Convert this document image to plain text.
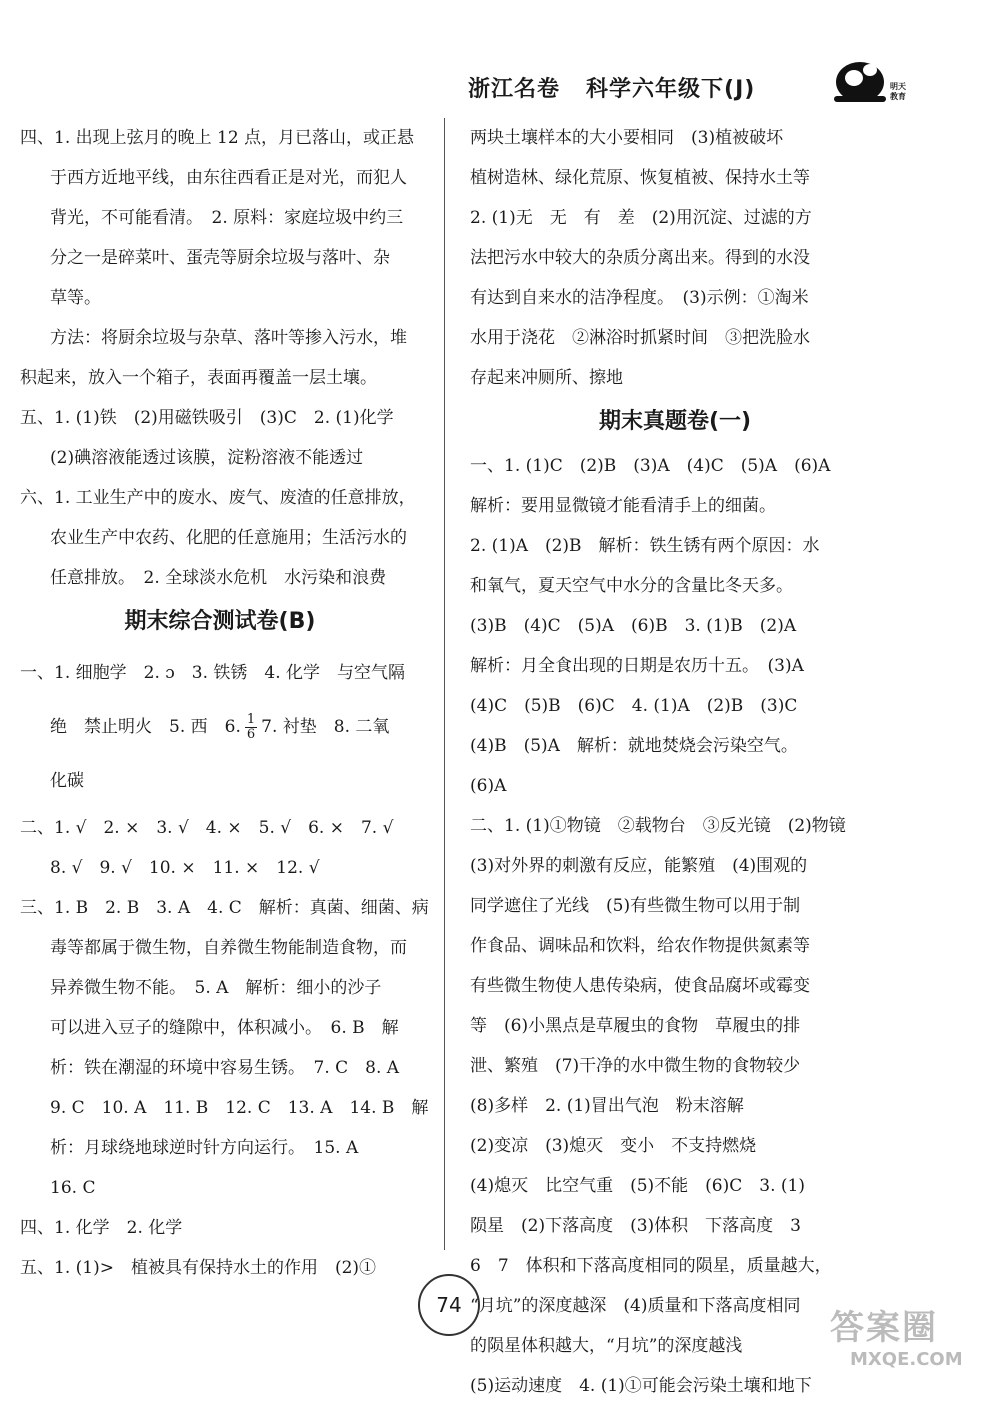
浙江名卷 科学六年级下(J)	明天教育
四、1. 出现上弦月的晚上 12 点，月已落山，或正悬
于西方近地平线，由东往西看正是对光，而犯人
背光，不可能看清。　2. 原料：家庭垃圾中约三
分之一是碎菜叶、蛋壳等厨余垃圾与落叶、杂
草等。
方法：将厨余垃圾与杂草、落叶等掺入污水，堆
积起来，放入一个箱子，表面再覆盖一层土壤。
五、1. (1)铁　(2)用磁铁吸引　(3)C　2. (1)化学
(2)碘溶液能透过该膜，淀粉溶液不能透过
六、1. 工业生产中的废水、废气、废渣的任意排放，
农业生产中农药、化肥的任意施用；生活污水的
任意排放。　2. 全球淡水危机　水污染和浪费
期末综合测试卷(B)
一、1. 细胞学　2. ɔ　3. 铁锈　4. 化学　与空气隔
绝　禁止明火　5. 西　6. $\frac{1}{6} 7$. 衬垫　8. 二氧
化碳
二、1. √　2. ×　3. √　4. ×　5. √　6. ×　7. √
8. √　9. √　10. ×　11. ×　12. √
三、1. B　2. B　3. A　4. C　解析：真菌、细菌、病
毒等都属于微生物，自养微生物能制造食物，而
异养微生物不能。　5. A　解析：细小的沙子
可以进入豆子的缝隙中，体积减小。　6. B　解
析：铁在潮湿的环境中容易生锈。　7. C　8. A
9. C　10. A　11. B　12. C　13. A　14. B　解
析：月球绕地球逆时针方向运行。　15. A
16. C
四、1. 化学　2. 化学
五、1. (1)>　植被具有保持水土的作用　(2)①
两块土壤样本的大小要相同　(3)植被破坏
植树造林、绿化荒原、恢复植被、保持水土等
2. (1)无　无　有　差　(2)用沉淀、过滤的方
法把污水中较大的杂质分离出来。得到的水没
有达到自来水的洁净程度。　(3)示例：①淘米
水用于浇花　②淋浴时抓紧时间　③把洗脸水
存起来冲厕所、擦地
期末真题卷(一)
一、1. (1)C　(2)B　(3)A　(4)C　(5)A　(6)A
解析：要用显微镜才能看清手上的细菌。
2. (1)A　(2)B　解析：铁生锈有两个原因：水
和氧气，夏天空气中水分的含量比冬天多。
(3)B　(4)C　(5)A　(6)B　3. (1)B　(2)A
解析：月全食出现的日期是农历十五。　(3)A
(4)C　(5)B　(6)C　4. (1)A　(2)B　(3)C
(4)B　(5)A　解析：就地焚烧会污染空气。
(6)A
二、1. (1)①物镜　②载物台　③反光镜　(2)物镜
(3)对外界的刺激有反应，能繁殖　(4)围观的
同学遮住了光线　(5)有些微生物可以用于制
作食品、调味品和饮料，给农作物提供氮素等
有些微生物使人患传染病，使食品腐坏或霉变
等　(6)小黑点是草履虫的食物　草履虫的排
泄、繁殖　(7)干净的水中微生物的食物较少
(8)多样　2. (1)冒出气泡　粉末溶解
(2)变凉　(3)熄灭　变小　不支持燃烧
(4)熄灭　比空气重　(5)不能　(6)C　3. (1)
陨星　(2)下落高度　(3)体积　下落高度　3
6　7　体积和下落高度相同的陨星，质量越大，
“月坑”的深度越深　(4)质量和下落高度相同
的陨星体积越大，“月坑”的深度越浅
(5)运动速度　4. (1)①可能会污染土壤和地下
74
答案圈
MXQE.COM
